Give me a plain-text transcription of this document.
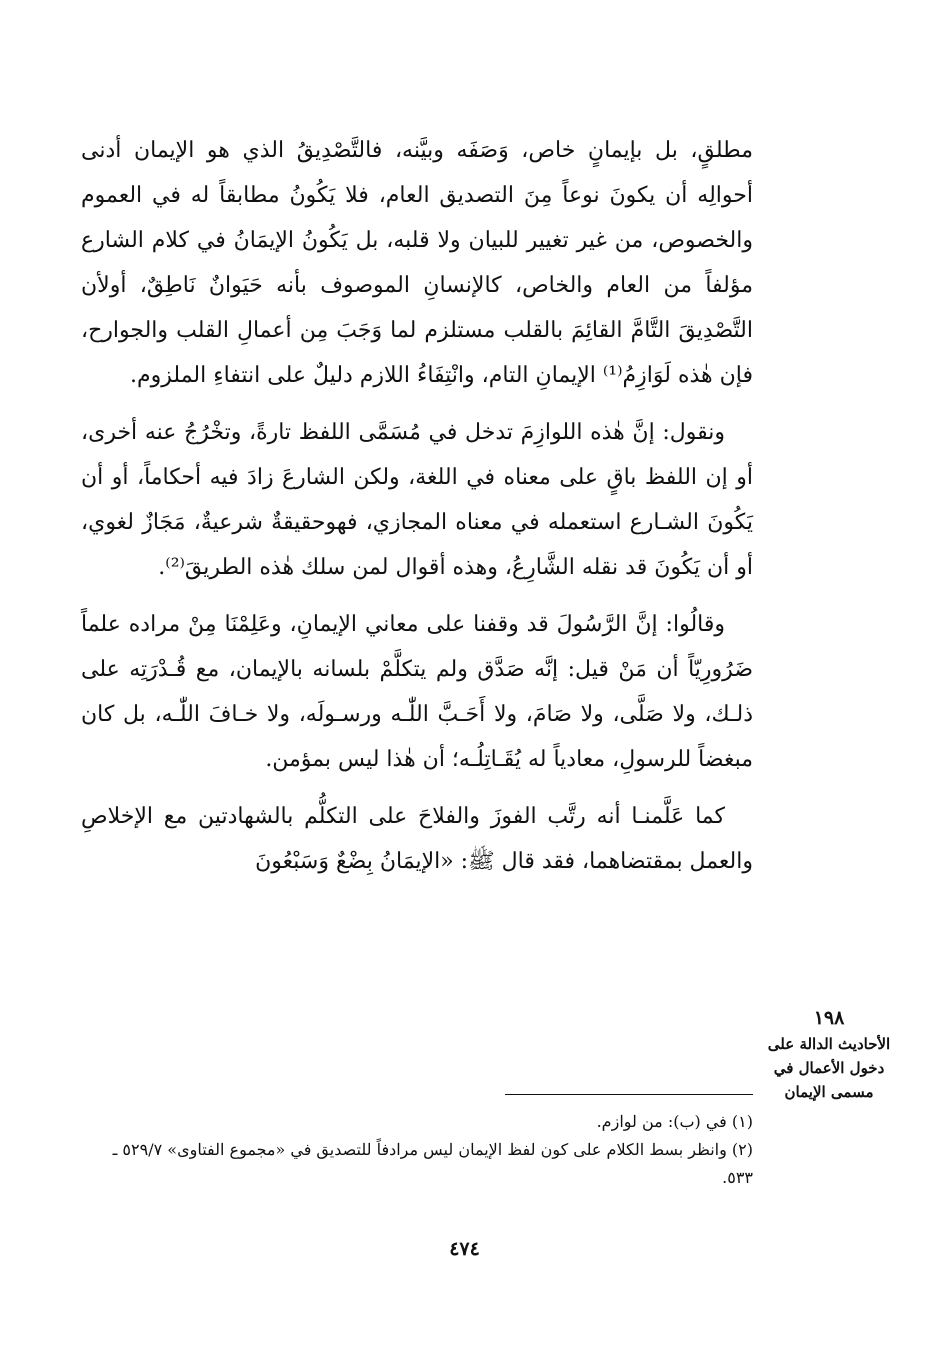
مطلقٍ، بل بإيمانٍ خاص، وَصَفَه وبيَّنه، فالتَّصْدِيقُ الذي هو الإيمان أدنى أحوالِه أن يكونَ نوعاً مِنَ التصديق العام، فلا يَكُونُ مطابقاً له في العموم والخصوص، من غير تغيير للبيان ولا قلبه، بل يَكُونُ الإيمَانُ في كلام الشارع مؤلفاً من العام والخاص، كالإنسانِ الموصوف بأنه حَيَوانٌ نَاطِقٌ، أولأن التَّصْدِيقَ التَّامَّ القائِمَ بالقلب مستلزم لما وَجَبَ مِن أعمالِ القلب والجوارح، فإن هٰذه لَوَازِمُ⁽¹⁾ الإيمانِ التام، وانْتِفَاءُ اللازم دليلٌ على انتفاءِ الملزوم.

ونقول: إنَّ هٰذه اللوازِمَ تدخل في مُسَمَّى اللفظ تارةً، وتخْرُجُ عنه أخرى، أو إن اللفظ باقٍ على معناه في اللغة، ولكن الشارعَ زادَ فيه أحكاماً، أو أن يَكُونَ الشـارع استعمله في معناه المجازي، فهوحقيقةٌ شرعيةٌ، مَجَازٌ لغوي، أو أن يَكُونَ قد نقله الشَّارِعُ، وهذه أقوال لمن سلك هٰذه الطريقَ⁽²⁾.

وقالُوا: إنَّ الرَّسُولَ قد وقفنا على معاني الإيمانِ، وعَلِمْنَا مِنْ مراده علماً ضَرُورِيّاً أن مَنْ قيل: إنَّه صَدَّق ولم يتكلَّمْ بلسانه بالإيمان، مع قُـدْرَتِه على ذلـك، ولا صَلَّى، ولا صَامَ، ولا أَحَـبَّ اللّٰـه ورسـولَه، ولا خـافَ اللّٰـه، بل كان مبغضاً للرسولِ، معادياً له يُقَـاتِلُـه؛ أن هٰذا ليس بمؤمن.

كما عَلَّمنـا أنه رتَّب الفوزَ والفلاحَ على التكلُّم بالشهادتين مع الإخلاصِ والعمل بمقتضاهما، فقد قال ﷺ: «الإيمَانُ بِضْعٌ وَسَبْعُونَ

١٩٨
الأحاديث الدالة على دخول الأعمال في مسمى الإيمان
(١) في (ب): من لوازم.
(٢) وانظر بسط الكلام على كون لفظ الإيمان ليس مرادفاً للتصديق في «مجموع الفتاوى» ٥٢٩/٧ ـ ٥٣٣.
٤٧٤
